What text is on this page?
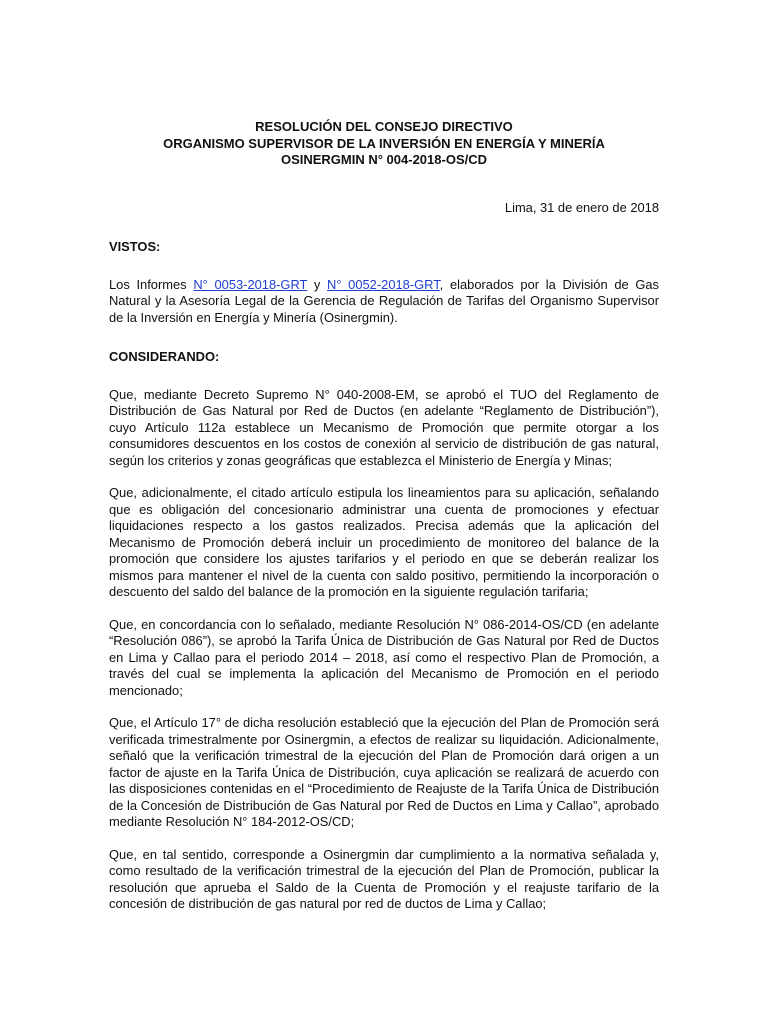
RESOLUCIÓN DEL CONSEJO DIRECTIVO
ORGANISMO SUPERVISOR DE LA INVERSIÓN EN ENERGÍA Y MINERÍA
OSINERGMIN N° 004-2018-OS/CD
Lima, 31 de enero de 2018
VISTOS:

Los Informes N° 0053-2018-GRT y N° 0052-2018-GRT, elaborados por la División de Gas Natural y la Asesoría Legal de la Gerencia de Regulación de Tarifas del Organismo Supervisor de la Inversión en Energía y Minería (Osinergmin).

CONSIDERANDO:

Que, mediante Decreto Supremo N° 040-2008-EM, se aprobó el TUO del Reglamento de Distribución de Gas Natural por Red de Ductos (en adelante “Reglamento de Distribución”), cuyo Artículo 112a establece un Mecanismo de Promoción que permite otorgar a los consumidores descuentos en los costos de conexión al servicio de distribución de gas natural, según los criterios y zonas geográficas que establezca el Ministerio de Energía y Minas;

Que, adicionalmente, el citado artículo estipula los lineamientos para su aplicación, señalando que es obligación del concesionario administrar una cuenta de promociones y efectuar liquidaciones respecto a los gastos realizados. Precisa además que la aplicación del Mecanismo de Promoción deberá incluir un procedimiento de monitoreo del balance de la promoción que considere los ajustes tarifarios y el periodo en que se deberán realizar los mismos para mantener el nivel de la cuenta con saldo positivo, permitiendo la incorporación o descuento del saldo del balance de la promoción en la siguiente regulación tarifaria;

Que, en concordancia con lo señalado, mediante Resolución N° 086-2014-OS/CD (en adelante “Resolución 086”), se aprobó la Tarifa Única de Distribución de Gas Natural por Red de Ductos en Lima y Callao para el periodo 2014 – 2018, así como el respectivo Plan de Promoción, a través del cual se implementa la aplicación del Mecanismo de Promoción en el periodo mencionado;

Que, el Artículo 17° de dicha resolución estableció que la ejecución del Plan de Promoción será verificada trimestralmente por Osinergmin, a efectos de realizar su liquidación. Adicionalmente, señaló que la verificación trimestral de la ejecución del Plan de Promoción dará origen a un factor de ajuste en la Tarifa Única de Distribución, cuya aplicación se realizará de acuerdo con las disposiciones contenidas en el “Procedimiento de Reajuste de la Tarifa Única de Distribución de la Concesión de Distribución de Gas Natural por Red de Ductos en Lima y Callao”, aprobado mediante Resolución N° 184-2012-OS/CD;

Que, en tal sentido, corresponde a Osinergmin dar cumplimiento a la normativa señalada y, como resultado de la verificación trimestral de la ejecución del Plan de Promoción, publicar la resolución que aprueba el Saldo de la Cuenta de Promoción y el reajuste tarifario de la concesión de distribución de gas natural por red de ductos de Lima y Callao;
